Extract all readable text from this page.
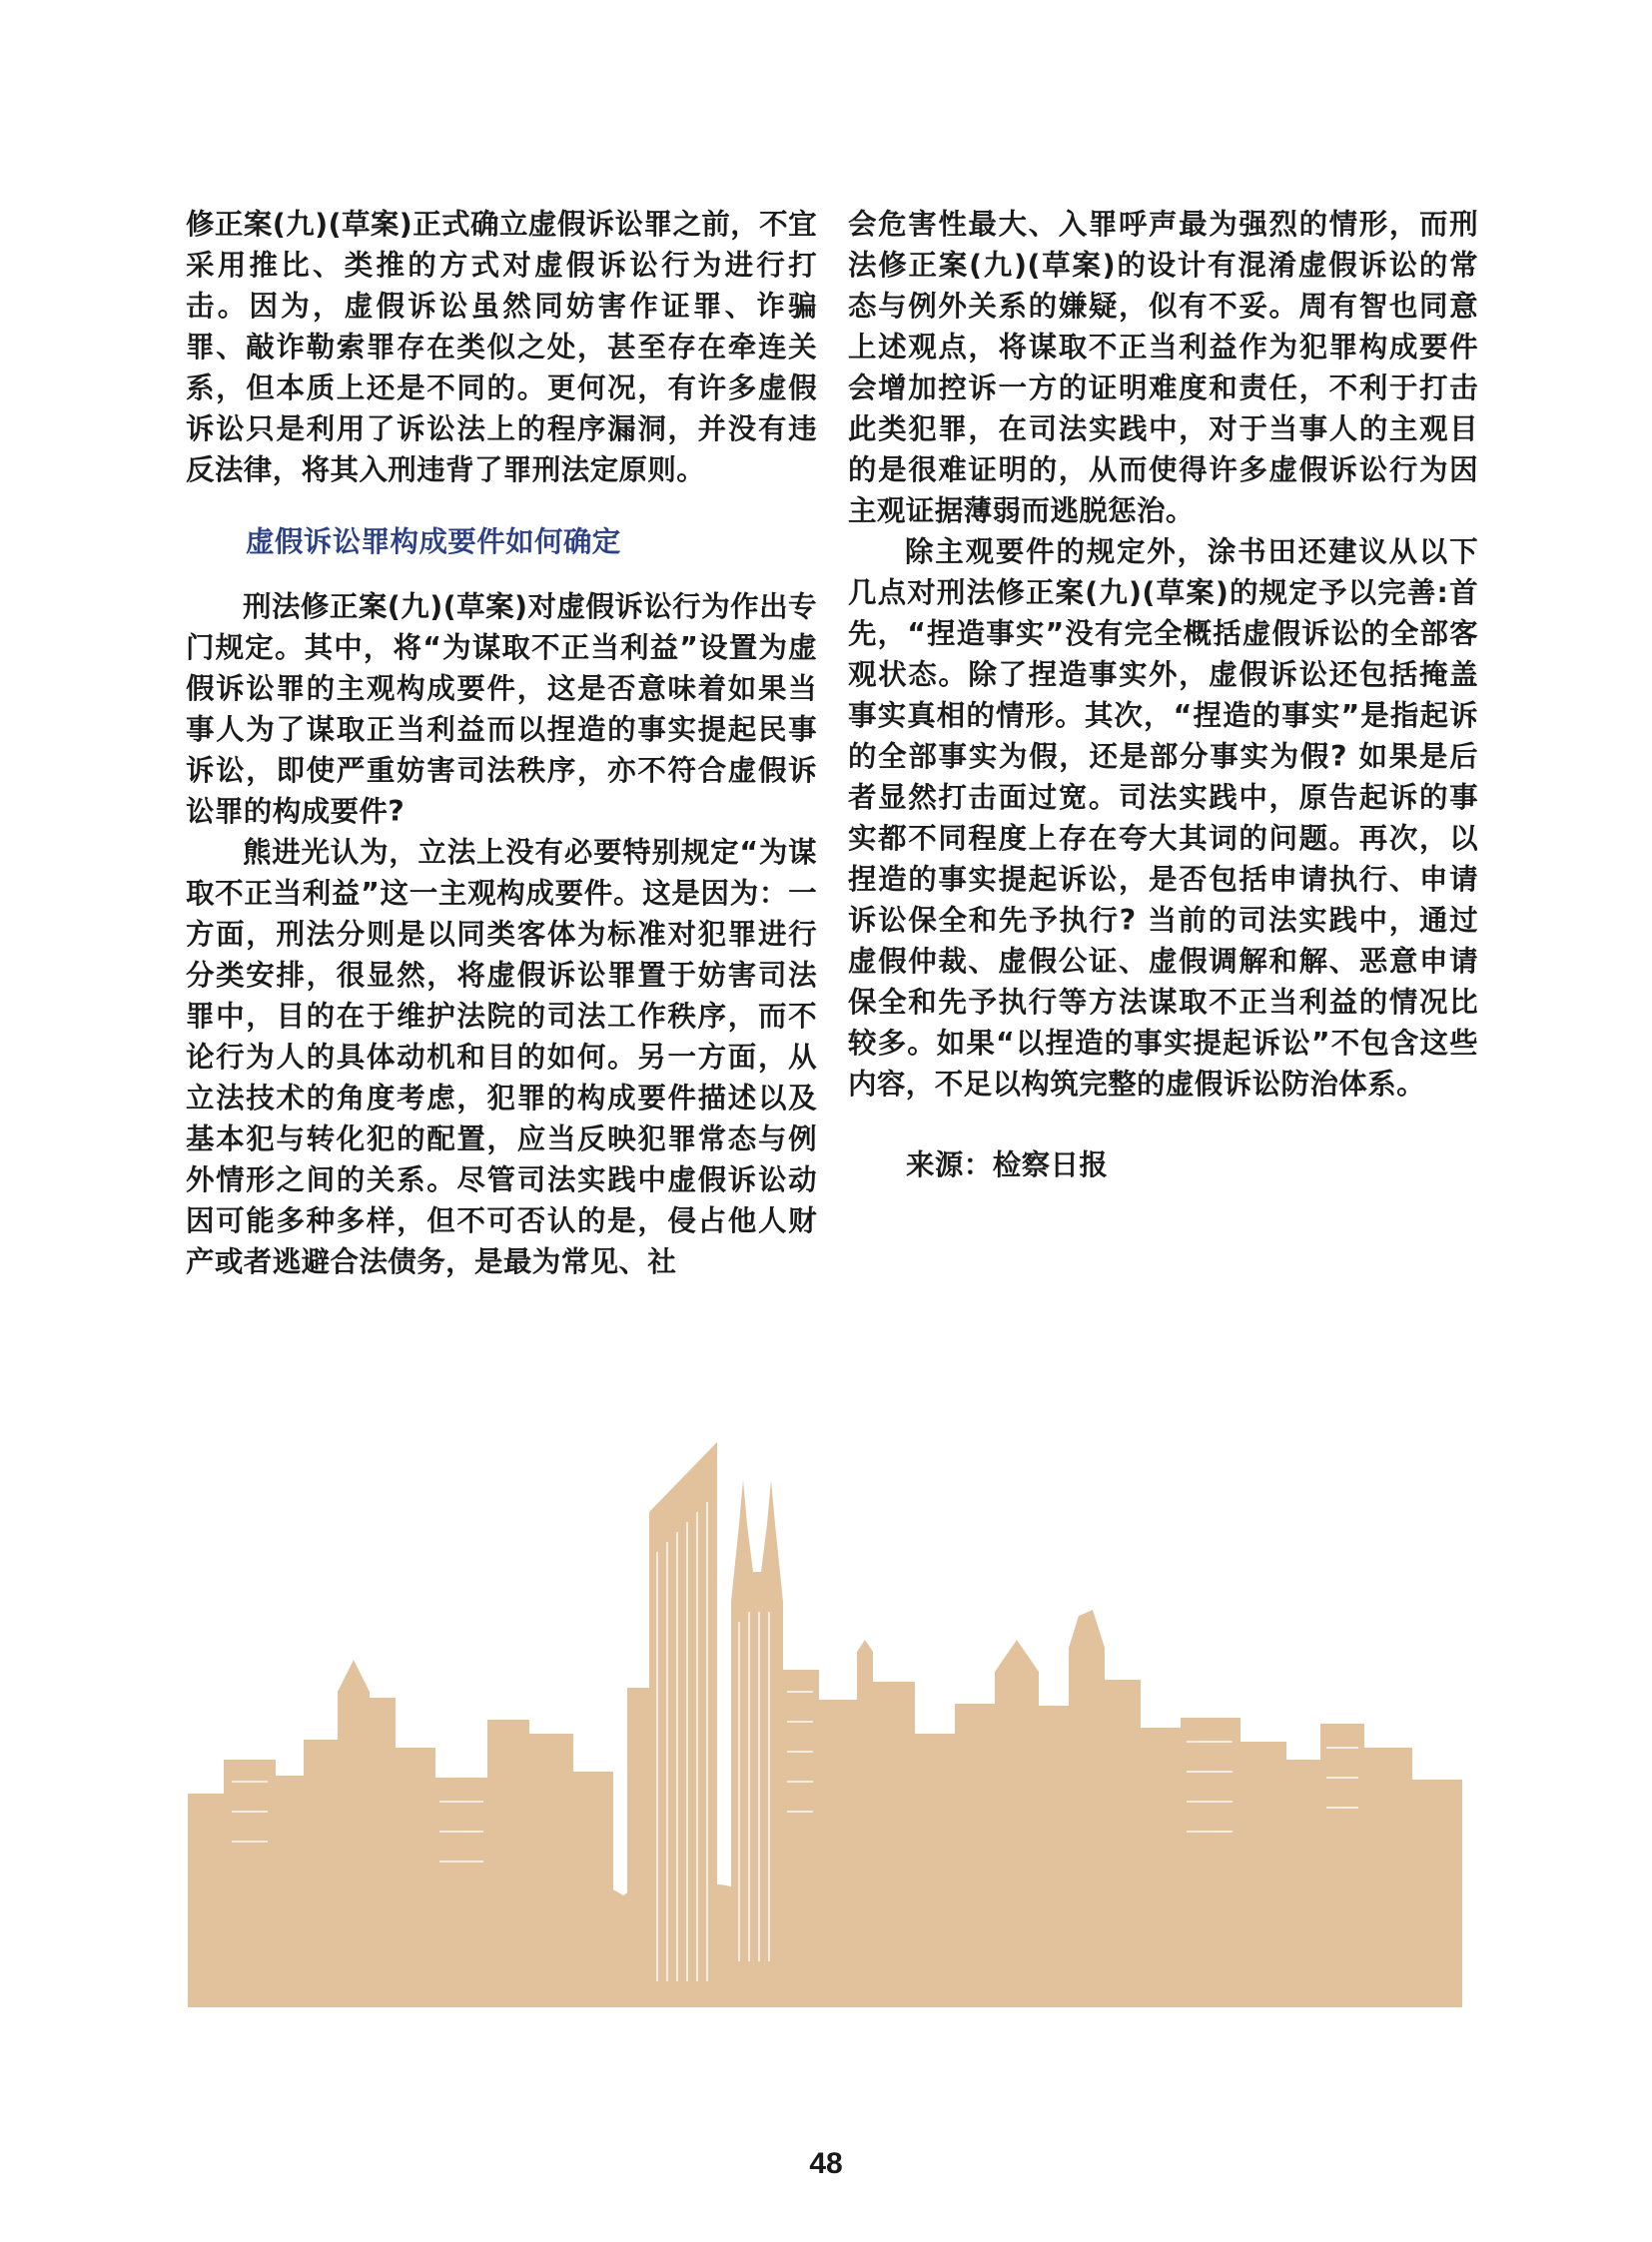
修正案(九)(草案)正式确立虚假诉讼罪之前，不宜采用推比、类推的方式对虚假诉讼行为进行打击。因为，虚假诉讼虽然同妨害作证罪、诈骗罪、敲诈勒索罪存在类似之处，甚至存在牵连关系，但本质上还是不同的。更何况，有许多虚假诉讼只是利用了诉讼法上的程序漏洞，并没有违反法律，将其入刑违背了罪刑法定原则。

虚假诉讼罪构成要件如何确定

刑法修正案(九)(草案)对虚假诉讼行为作出专门规定。其中，将“为谋取不正当利益”设置为虚假诉讼罪的主观构成要件，这是否意味着如果当事人为了谋取正当利益而以捏造的事实提起民事诉讼，即使严重妨害司法秩序，亦不符合虚假诉讼罪的构成要件?

熊进光认为，立法上没有必要特别规定“为谋取不正当利益”这一主观构成要件。这是因为：一方面，刑法分则是以同类客体为标准对犯罪进行分类安排，很显然，将虚假诉讼罪置于妨害司法罪中，目的在于维护法院的司法工作秩序，而不论行为人的具体动机和目的如何。另一方面，从立法技术的角度考虑，犯罪的构成要件描述以及基本犯与转化犯的配置，应当反映犯罪常态与例外情形之间的关系。尽管司法实践中虚假诉讼动因可能多种多样，但不可否认的是，侵占他人财产或者逃避合法债务，是最为常见、社

会危害性最大、入罪呼声最为强烈的情形，而刑法修正案(九)(草案)的设计有混淆虚假诉讼的常态与例外关系的嫌疑，似有不妥。周有智也同意上述观点，将谋取不正当利益作为犯罪构成要件会增加控诉一方的证明难度和责任，不利于打击此类犯罪，在司法实践中，对于当事人的主观目的是很难证明的，从而使得许多虚假诉讼行为因主观证据薄弱而逃脱惩治。

除主观要件的规定外，涂书田还建议从以下几点对刑法修正案(九)(草案)的规定予以完善:首先，“捏造事实”没有完全概括虚假诉讼的全部客观状态。除了捏造事实外，虚假诉讼还包括掩盖事实真相的情形。其次，“捏造的事实”是指起诉的全部事实为假，还是部分事实为假? 如果是后者显然打击面过宽。司法实践中，原告起诉的事实都不同程度上存在夸大其词的问题。再次，以捏造的事实提起诉讼，是否包括申请执行、申请诉讼保全和先予执行? 当前的司法实践中，通过虚假仲裁、虚假公证、虚假调解和解、恶意申请保全和先予执行等方法谋取不正当利益的情况比较多。如果“以捏造的事实提起诉讼”不包含这些内容，不足以构筑完整的虚假诉讼防治体系。

来源：检察日报

48
